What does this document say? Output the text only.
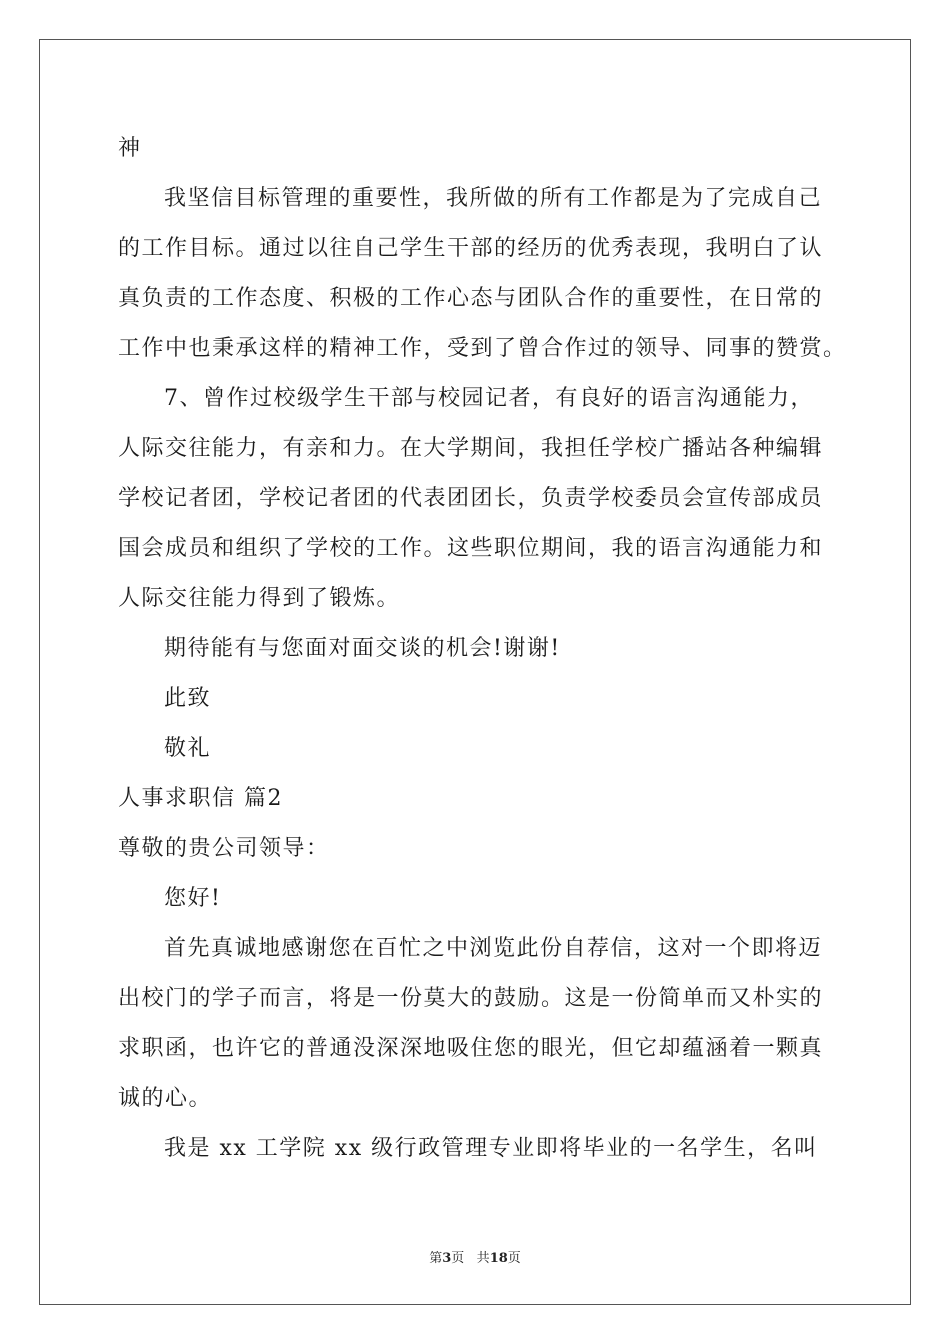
神
我坚信目标管理的重要性，我所做的所有工作都是为了完成自己
的工作目标。通过以往自己学生干部的经历的优秀表现，我明白了认
真负责的工作态度、积极的工作心态与团队合作的重要性，在日常的
工作中也秉承这样的精神工作，受到了曾合作过的领导、同事的赞赏。
7、曾作过校级学生干部与校园记者，有良好的语言沟通能力，
人际交往能力，有亲和力。在大学期间，我担任学校广播站各种编辑
学校记者团，学校记者团的代表团团长，负责学校委员会宣传部成员
国会成员和组织了学校的工作。这些职位期间，我的语言沟通能力和
人际交往能力得到了锻炼。
期待能有与您面对面交谈的机会!谢谢!
此致
敬礼
人事求职信 篇2
尊敬的贵公司领导：
您好!
首先真诚地感谢您在百忙之中浏览此份自荐信，这对一个即将迈
出校门的学子而言，将是一份莫大的鼓励。这是一份简单而又朴实的
求职函，也许它的普通没深深地吸住您的眼光，但它却蕴涵着一颗真
诚的心。
我是 xx 工学院 xx 级行政管理专业即将毕业的一名学生，名叫
第3页 共18页
